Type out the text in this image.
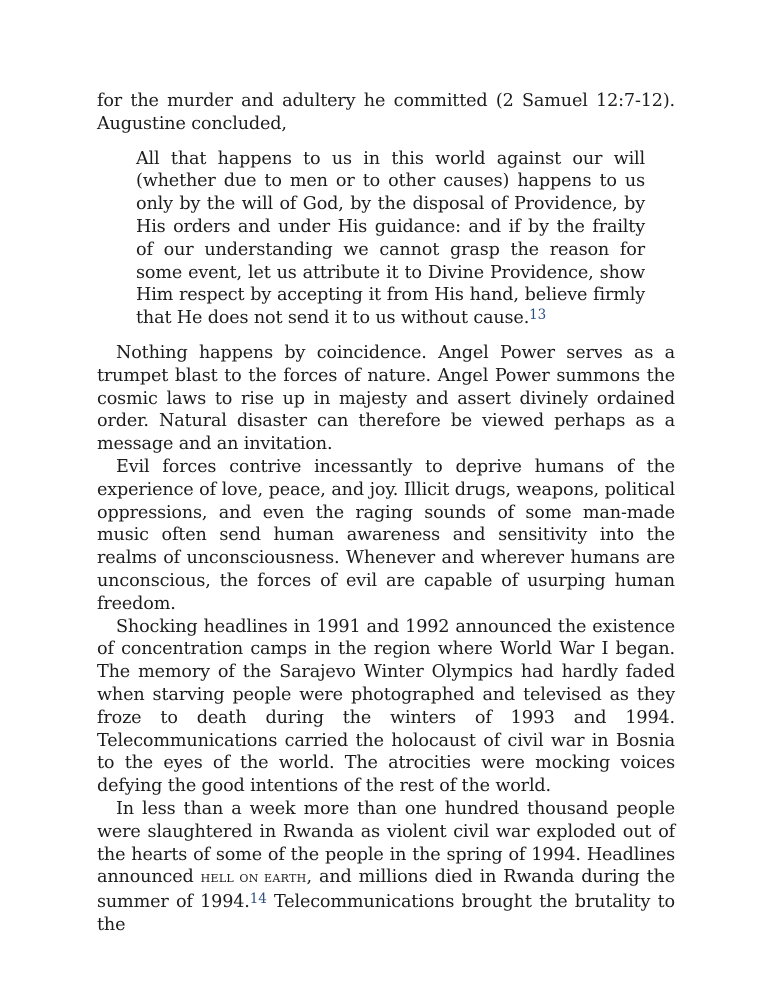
for the murder and adultery he committed (2 Samuel 12:7-12). Augustine concluded,

All that happens to us in this world against our will (whether due to men or to other causes) happens to us only by the will of God, by the disposal of Providence, by His orders and under His guidance: and if by the frailty of our understanding we cannot grasp the reason for some event, let us attribute it to Divine Providence, show Him respect by accepting it from His hand, believe firmly that He does not send it to us without cause.$^{13}$

Nothing happens by coincidence. Angel Power serves as a trumpet blast to the forces of nature. Angel Power summons the cosmic laws to rise up in majesty and assert divinely ordained order. Natural disaster can therefore be viewed perhaps as a message and an invitation.

Evil forces contrive incessantly to deprive humans of the experience of love, peace, and joy. Illicit drugs, weapons, political oppressions, and even the raging sounds of some man-made music often send human awareness and sensitivity into the realms of unconsciousness. Whenever and wherever humans are unconscious, the forces of evil are capable of usurping human freedom.

Shocking headlines in 1991 and 1992 announced the existence of concentration camps in the region where World War I began. The memory of the Sarajevo Winter Olympics had hardly faded when starving people were photographed and televised as they froze to death during the winters of 1993 and 1994. Telecommunications carried the holocaust of civil war in Bosnia to the eyes of the world. The atrocities were mocking voices defying the good intentions of the rest of the world.

In less than a week more than one hundred thousand people were slaughtered in Rwanda as violent civil war exploded out of the hearts of some of the people in the spring of 1994. Headlines announced HELL ON EARTH, and millions died in Rwanda during the summer of 1994.14 Telecommunications brought the brutality to the
